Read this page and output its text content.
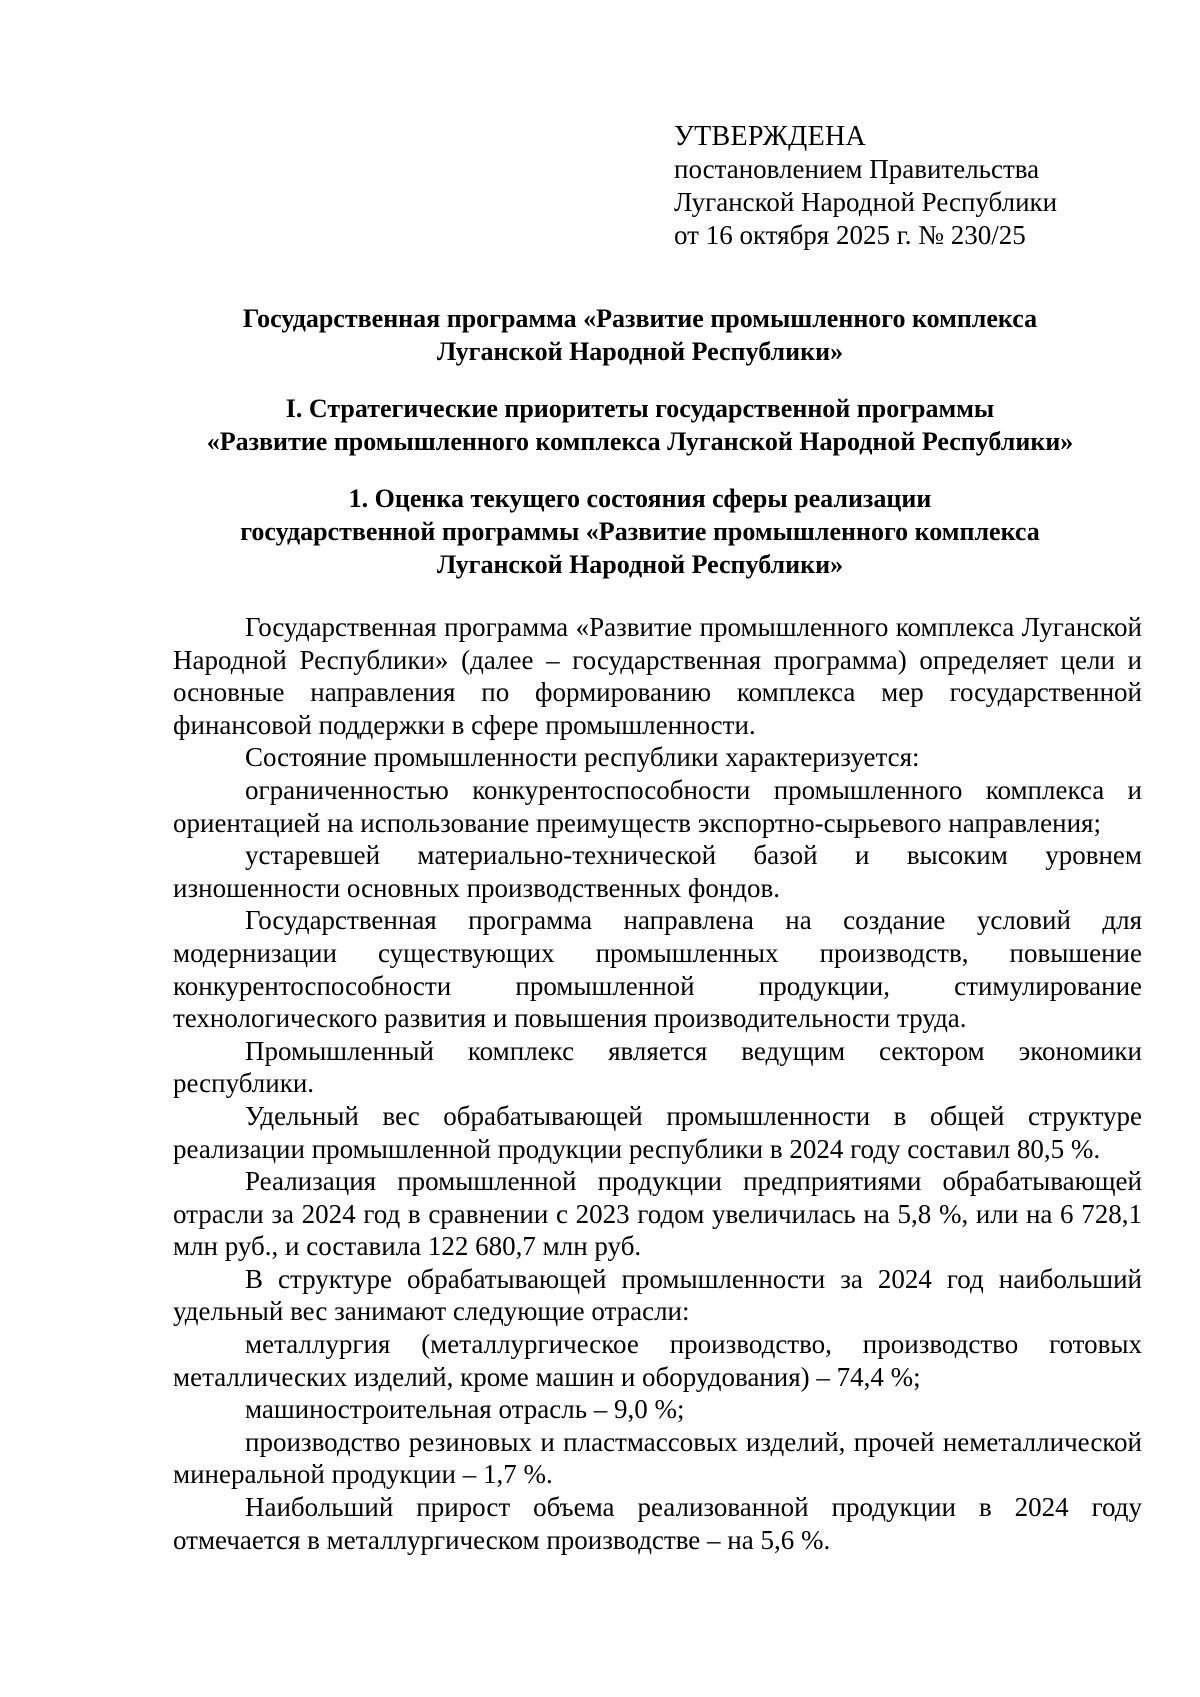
УТВЕРЖДЕНА
постановлением Правительства
Луганской Народной Республики
от 16 октября 2025 г. № 230/25
Государственная программа «Развитие промышленного комплекса
Луганской Народной Республики»
I. Стратегические приоритеты государственной программы
«Развитие промышленного комплекса Луганской Народной Республики»
1. Оценка текущего состояния сферы реализации
государственной программы «Развитие промышленного комплекса
Луганской Народной Республики»

Государственная программа «Развитие промышленного комплекса Луганской Народной Республики» (далее – государственная программа) определяет цели и основные направления по формированию комплекса мер государственной финансовой поддержки в сфере промышленности.

Состояние промышленности республики характеризуется:

ограниченностью конкурентоспособности промышленного комплекса и ориентацией на использование преимуществ экспортно-сырьевого направления;

устаревшей материально-технической базой и высоким уровнем изношенности основных производственных фондов.

Государственная программа направлена на создание условий для модернизации существующих промышленных производств, повышение конкурентоспособности промышленной продукции, стимулирование технологического развития и повышения производительности труда.

Промышленный комплекс является ведущим сектором экономики республики.

Удельный вес обрабатывающей промышленности в общей структуре реализации промышленной продукции республики в 2024 году составил 80,5 %.

Реализация промышленной продукции предприятиями обрабатывающей отрасли за 2024 год в сравнении с 2023 годом увеличилась на 5,8 %, или на 6 728,1 млн руб., и составила 122 680,7 млн руб.

В структуре обрабатывающей промышленности за 2024 год наибольший удельный вес занимают следующие отрасли:

металлургия (металлургическое производство, производство готовых металлических изделий, кроме машин и оборудования) – 74,4 %;

машиностроительная отрасль – 9,0 %;

производство резиновых и пластмассовых изделий, прочей неметаллической минеральной продукции – 1,7 %.

Наибольший прирост объема реализованной продукции в 2024 году отмечается в металлургическом производстве – на 5,6 %.
